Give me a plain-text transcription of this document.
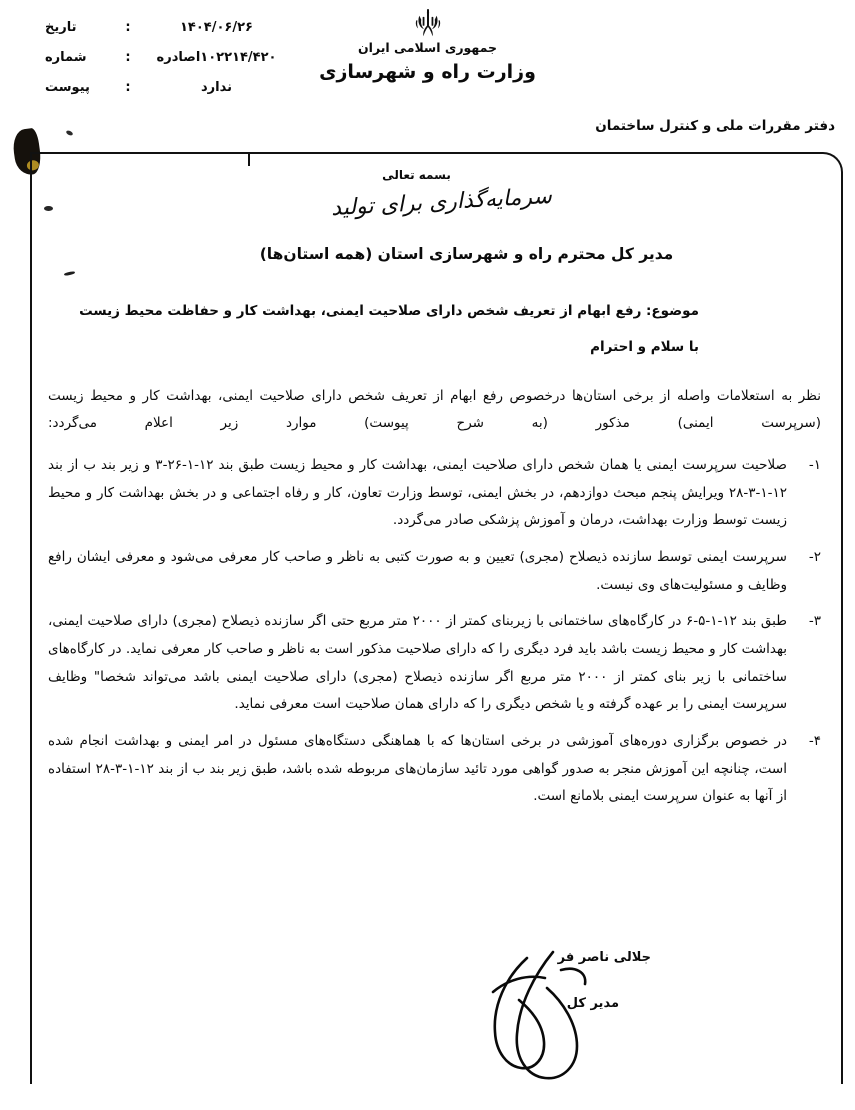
جمهوری اسلامی ایران
وزارت راه و شهرسازی
۱۴۰۴/۰۶/۲۶
:
تاریخ
۱۰۲۲۱۴/۴۲۰اصادره
:
شماره
ندارد
:
پیوست
دفتر مقررات ملی و کنترل ساختمان
بسمه تعالی
سرمایه‌گذاری برای تولید
مدیر کل محترم راه و شهرسازی استان (همه استان‌ها)
موضوع: رفع ابهام از تعریف شخص دارای صلاحیت ایمنی، بهداشت کار و حفاظت محیط زیست
با سلام و احترام
نظر به استعلامات واصله از برخی استان‌ها درخصوص رفع ابهام از تعریف شخص دارای صلاحیت ایمنی، بهداشت کار و محیط زیست (سرپرست ایمنی) مذکور (به شرح پیوست) موارد زیر اعلام می‌گردد:
۱-
صلاحیت سرپرست ایمنی یا همان شخص دارای صلاحیت ایمنی، بهداشت کار و محیط زیست طبق بند ۱۲-۱-۲۶-۳ و زیر بند ب از بند ۱۲-۱-۳-۲۸ ویرایش پنجم مبحث دوازدهم، در بخش ایمنی، توسط وزارت تعاون، کار و رفاه اجتماعی و در بخش بهداشت کار و محیط زیست توسط وزارت بهداشت، درمان و آموزش پزشکی صادر می‌گردد.
۲-
سرپرست ایمنی توسط سازنده ذیصلاح (مجری) تعیین و به صورت کتبی به ناظر و صاحب کار معرفی می‌شود و معرفی ایشان رافع وظایف و مسئولیت‌های وی نیست.
۳-
طبق بند ۱۲-۱-۵-۶ در کارگاه‌های ساختمانی با زیربنای کمتر از ۲۰۰۰ متر مربع حتی اگر سازنده ذیصلاح (مجری) دارای صلاحیت ایمنی، بهداشت کار و محیط زیست باشد باید فرد دیگری را که دارای صلاحیت مذکور است به ناظر و صاحب کار معرفی نماید. در کارگاه‌های ساختمانی با زیر بنای کمتر از ۲۰۰۰ متر مربع اگر سازنده ذیصلاح (مجری) دارای صلاحیت ایمنی باشد می‌تواند شخصا" وظایف سرپرست ایمنی را بر عهده گرفته و یا شخص دیگری را که دارای همان صلاحیت است معرفی نماید.
۴-
در خصوص برگزاری دوره‌های آموزشی در برخی استان‌ها که با هماهنگی دستگاه‌های مسئول در امر ایمنی و بهداشت انجام شده است، چنانچه این آموزش منجر به صدور گواهی مورد تائید سازمان‌های مربوطه شده باشد، طبق زیر بند ب از بند ۱۲-۱-۳-۲۸ استفاده از آنها به عنوان سرپرست ایمنی بلامانع است.
جلالی ناصر فر
مدیر کل
